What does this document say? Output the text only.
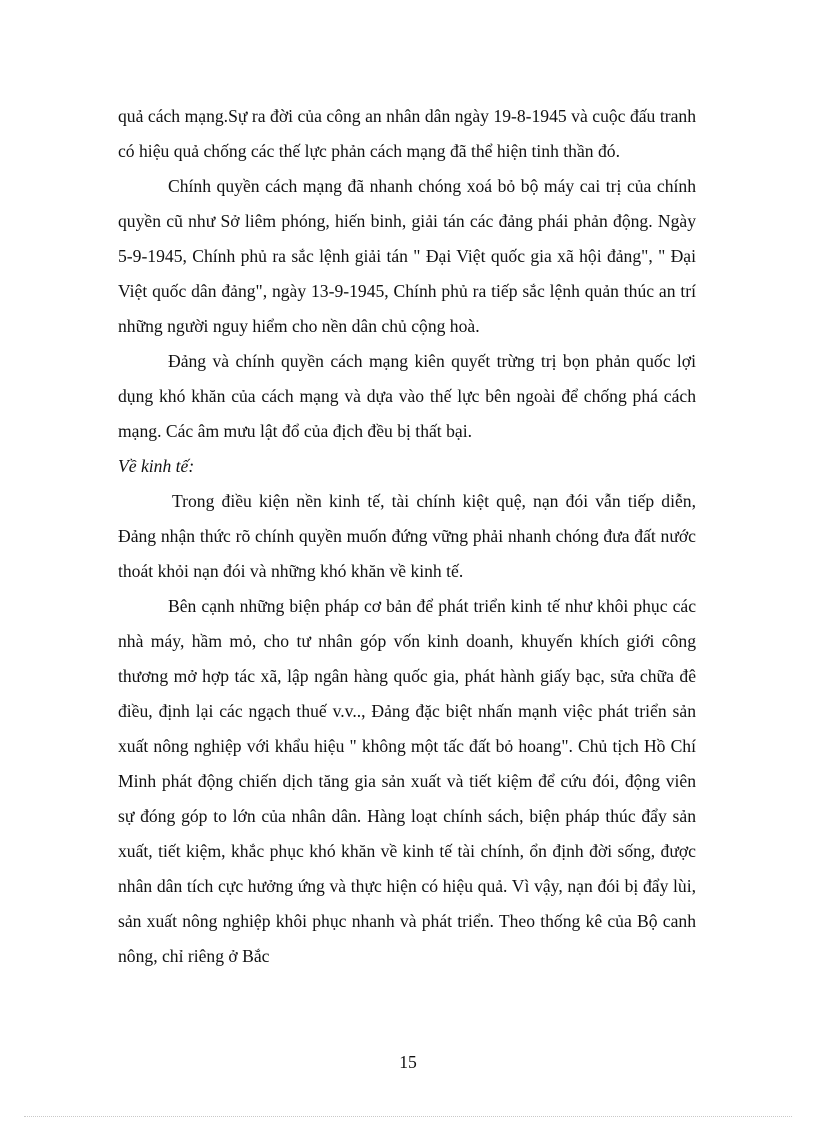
quả cách mạng.Sự ra đời của công an nhân dân ngày 19-8-1945 và cuộc đấu tranh có hiệu quả chống các thế lực phản cách mạng đã thể hiện tinh thần đó.

Chính quyền cách mạng đã nhanh chóng xoá bỏ bộ máy cai trị của chính quyền cũ như Sở liêm phóng, hiến binh, giải tán các đảng phái phản động. Ngày 5-9-1945, Chính phủ ra sắc lệnh giải tán " Đại Việt quốc gia xã hội đảng", " Đại Việt quốc dân đảng", ngày 13-9-1945, Chính phủ ra tiếp sắc lệnh quản thúc an trí những người nguy hiểm cho nền dân chủ cộng hoà.

Đảng và chính quyền cách mạng kiên quyết trừng trị bọn phản quốc lợi dụng khó khăn của cách mạng và dựa vào thế lực bên ngoài để chống phá cách mạng. Các âm mưu lật đổ của địch đều bị thất bại.

Về kinh tế:

Trong điều kiện nền kinh tế, tài chính kiệt quệ, nạn đói vẫn tiếp diễn, Đảng nhận thức rõ chính quyền muốn đứng vững phải nhanh chóng đưa đất nước thoát khỏi nạn đói và những khó khăn về kinh tế.

Bên cạnh những biện pháp cơ bản để phát triển kinh tế như khôi phục các nhà máy, hầm mỏ, cho tư nhân góp vốn kinh doanh, khuyến khích giới công thương mở hợp tác xã, lập ngân hàng quốc gia, phát hành giấy bạc, sửa chữa đê điều, định lại các ngạch thuế v.v.., Đảng đặc biệt nhấn mạnh việc phát triển sản xuất nông nghiệp với khẩu hiệu " không một tấc đất bỏ hoang". Chủ tịch Hồ Chí Minh phát động chiến dịch tăng gia sản xuất và tiết kiệm để cứu đói, động viên sự đóng góp to lớn của nhân dân. Hàng loạt chính sách, biện pháp thúc đẩy sản xuất, tiết kiệm, khắc phục khó khăn về kinh tế tài chính, ổn định đời sống, được nhân dân tích cực hưởng ứng và thực hiện có hiệu quả. Vì vậy, nạn đói bị đẩy lùi, sản xuất nông nghiệp khôi phục nhanh và phát triển. Theo thống kê của Bộ canh nông, chỉ riêng ở Bắc

15
